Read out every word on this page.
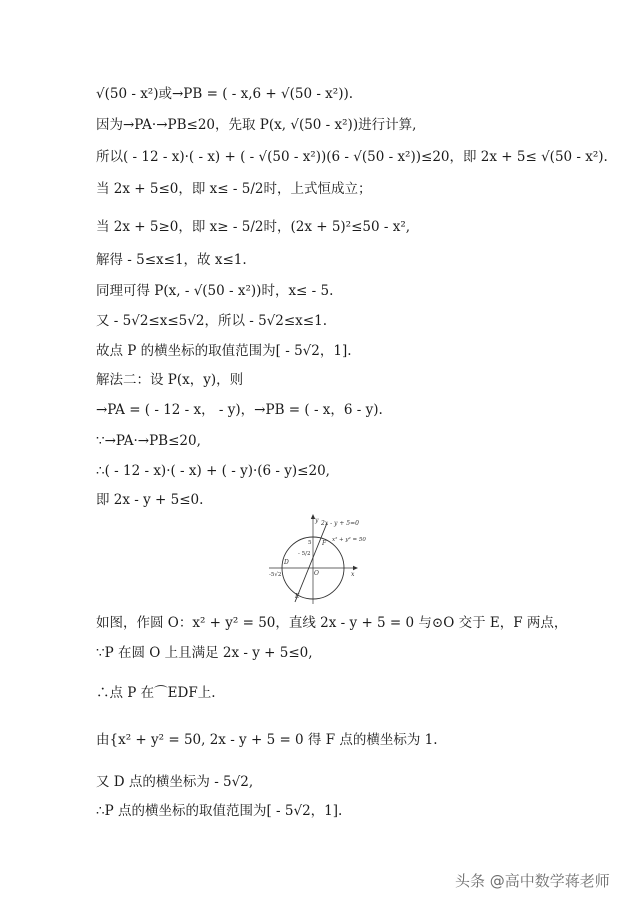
√(50 - x²)或→PB = ( - x,6 + √(50 - x²)).
因为→PA·→PB≤20，先取 P(x, √(50 - x²))进行计算,
所以( - 12 - x)·( - x) + ( - √(50 - x²))(6 - √(50 - x²))≤20，即 2x + 5≤ √(50 - x²).
当 2x + 5≤0，即 x≤ - 5/2时，上式恒成立；
当 2x + 5≥0，即 x≥ - 5/2时，(2x + 5)²≤50 - x²,
解得 - 5≤x≤1，故 x≤1.
同理可得 P(x, - √(50 - x²))时，x≤ - 5.
又 - 5√2≤x≤5√2，所以 - 5√2≤x≤1.
故点 P 的横坐标的取值范围为[ - 5√2，1].
解法二：设 P(x，y)，则
→PA = ( - 12 - x， - y)，→PB = ( - x，6 - y).
∵→PA·→PB≤20,
∴( - 12 - x)·( - x) + ( - y)·(6 - y)≤20,
即 2x - y + 5≤0.
y 2x - y + 5=0
x² + y² = 50
F
5
- 5/2
D
-5√2	O	x
E
如图，作圆 O：x² + y² = 50，直线 2x - y + 5 = 0 与⊙O 交于 E，F 两点，
∵P 在圆 O 上且满足 2x - y + 5≤0,
∴点 P 在⌒EDF上.
由{x² + y² = 50, 2x - y + 5 = 0 得 F 点的横坐标为 1.
又 D 点的横坐标为 - 5√2,
∴P 点的横坐标的取值范围为[ - 5√2，1].
头条 @高中数学蒋老师
